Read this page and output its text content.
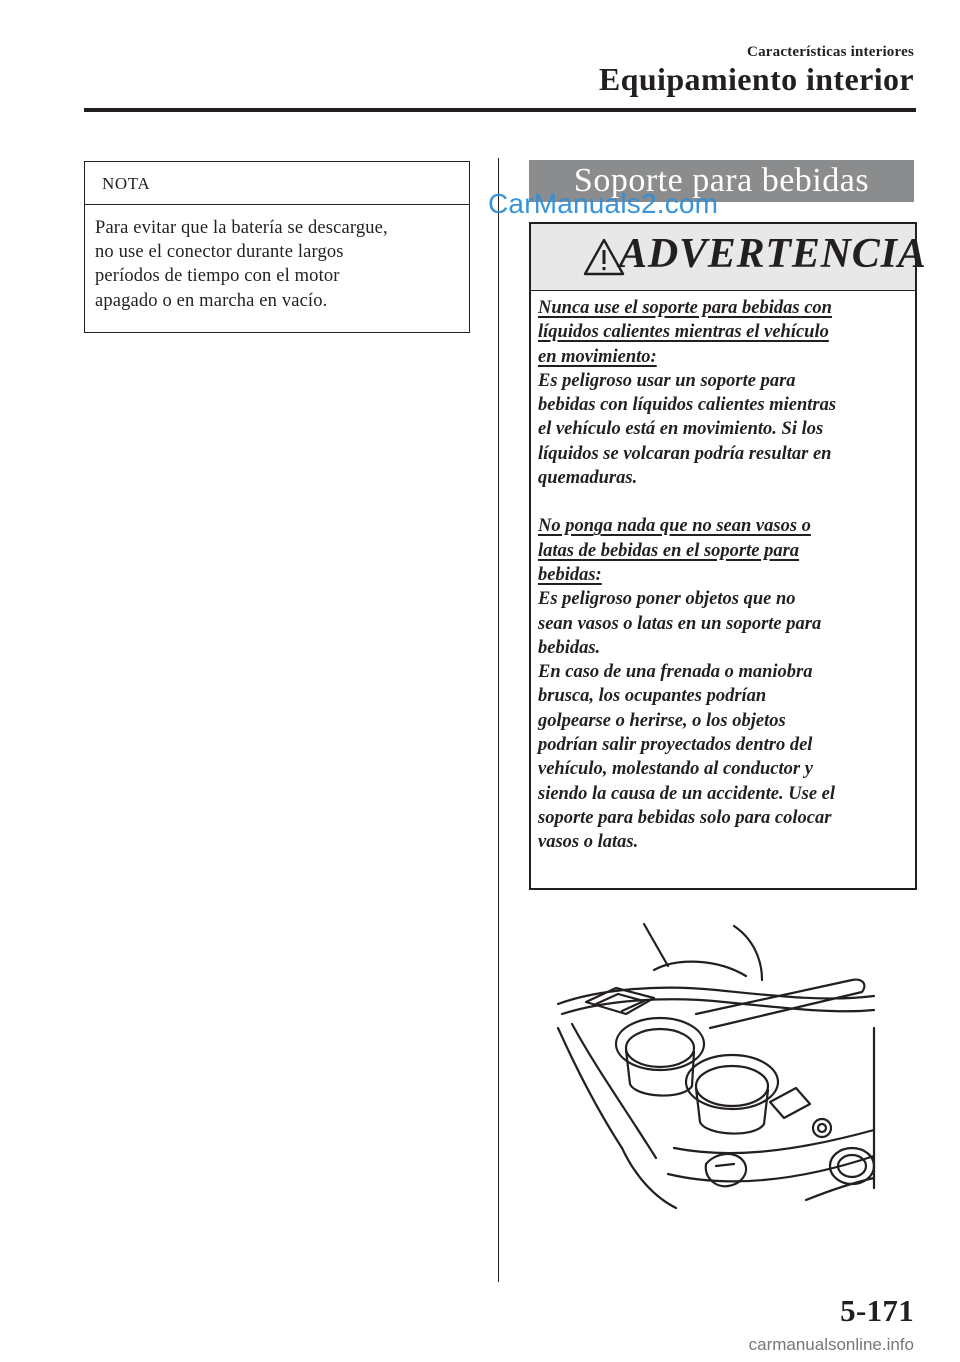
Características interiores
Equipamiento interior
NOTA
Para evitar que la batería se descargue,
no use el conector durante largos
períodos de tiempo con el motor
apagado o en marcha en vacío.
Soporte para bebidas
CarManuals2.com
ADVERTENCIA

Nunca use el soporte para bebidas con

líquidos calientes mientras el vehículo

en movimiento:

Es peligroso usar un soporte para

bebidas con líquidos calientes mientras

el vehículo está en movimiento. Si los

líquidos se volcaran podría resultar en

quemaduras.

No ponga nada que no sean vasos o

latas de bebidas en el soporte para

bebidas:

Es peligroso poner objetos que no

sean vasos o latas en un soporte para

bebidas.

En caso de una frenada o maniobra

brusca, los ocupantes podrían

golpearse o herirse, o los objetos

podrían salir proyectados dentro del

vehículo, molestando al conductor y

siendo la causa de un accidente. Use el

soporte para bebidas solo para colocar

vasos o latas.

5-171
carmanualsonline.info
